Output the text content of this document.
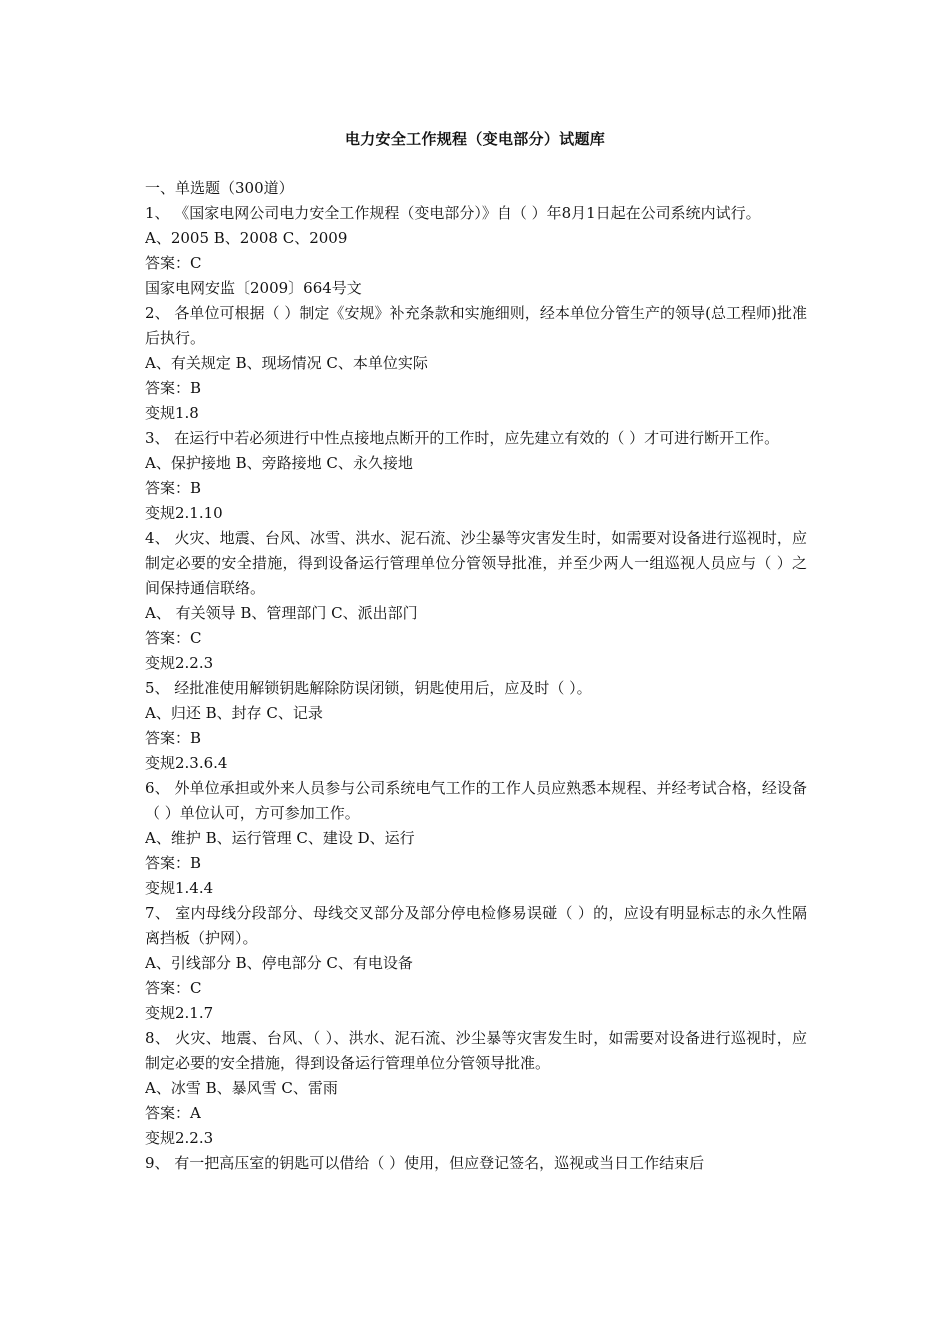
电力安全工作规程（变电部分）试题库
一、单选题（300道）
1、 《国家电网公司电力安全工作规程（变电部分）》自（ ）年8月1日起在公司系统内试行。
A、2005 B、2008 C、2009
答案：C
国家电网安监〔2009〕664号文
2、 各单位可根据（ ）制定《安规》补充条款和实施细则，经本单位分管生产的领导(总工程师)批准后执行。
A、有关规定 B、现场情况 C、本单位实际
答案：B
变规1.8
3、 在运行中若必须进行中性点接地点断开的工作时，应先建立有效的（ ）才可进行断开工作。
A、保护接地 B、旁路接地 C、永久接地
答案：B
变规2.1.10
4、 火灾、地震、台风、冰雪、洪水、泥石流、沙尘暴等灾害发生时，如需要对设备进行巡视时，应制定必要的安全措施，得到设备运行管理单位分管领导批准，并至少两人一组巡视人员应与（ ）之间保持通信联络。
A、 有关领导 B、管理部门 C、派出部门
答案：C
变规2.2.3
5、 经批准使用解锁钥匙解除防误闭锁，钥匙使用后，应及时（ ）。
A、归还 B、封存 C、记录
答案：B
变规2.3.6.4
6、 外单位承担或外来人员参与公司系统电气工作的工作人员应熟悉本规程、并经考试合格，经设备（ ）单位认可，方可参加工作。
A、维护 B、运行管理 C、建设 D、运行
答案：B
变规1.4.4
7、 室内母线分段部分、母线交叉部分及部分停电检修易误碰（ ）的，应设有明显标志的永久性隔离挡板（护网）。
A、引线部分 B、停电部分 C、有电设备
答案：C
变规2.1.7
8、 火灾、地震、台风、（ ）、洪水、泥石流、沙尘暴等灾害发生时，如需要对设备进行巡视时，应制定必要的安全措施，得到设备运行管理单位分管领导批准。
A、冰雪 B、暴风雪 C、雷雨
答案：A
变规2.2.3
9、 有一把高压室的钥匙可以借给（ ）使用，但应登记签名，巡视或当日工作结束后
